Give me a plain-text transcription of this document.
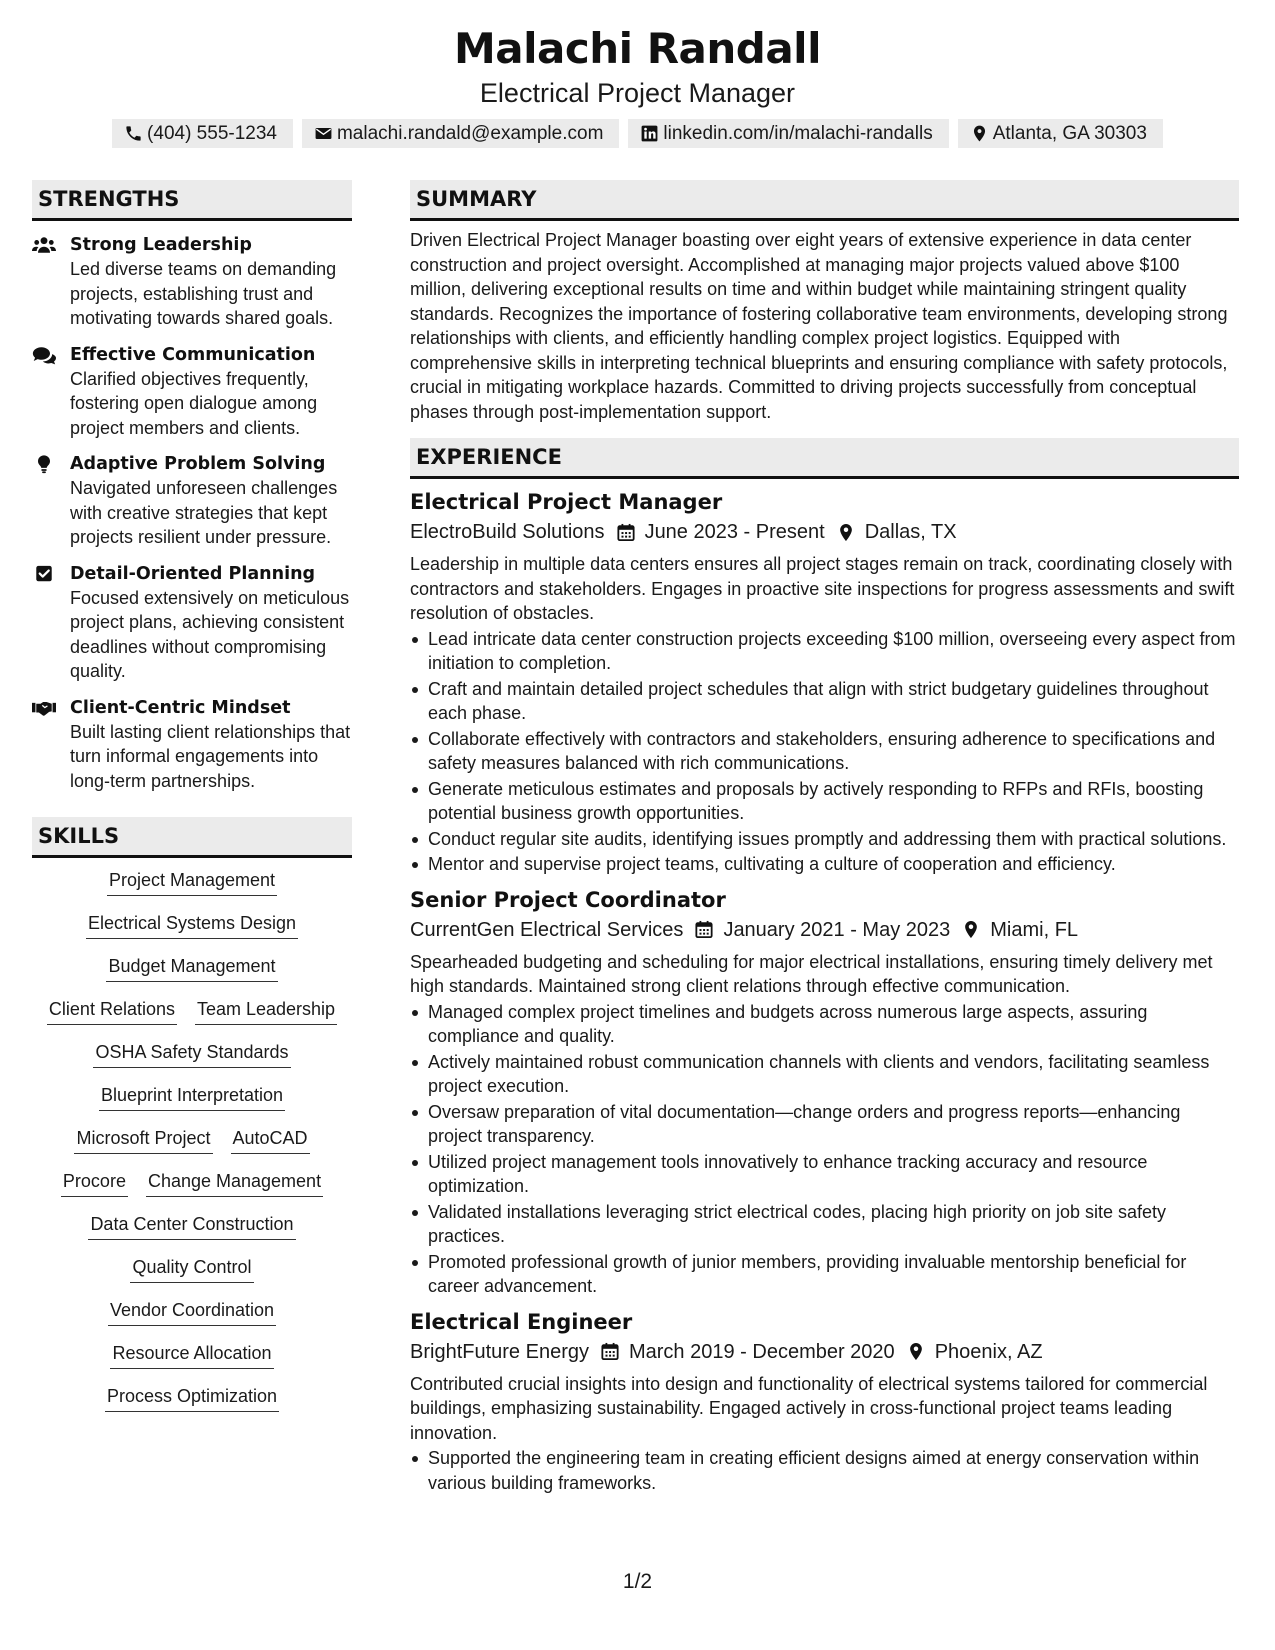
Malachi Randall
Electrical Project Manager
(404) 555-1234	malachi.randald@example.com	linkedin.com/in/malachi-randalls	Atlanta, GA 30303
STRENGTHS
Strong Leadership
Led diverse teams on demanding projects, establishing trust and motivating towards shared goals.
Effective Communication
Clarified objectives frequently, fostering open dialogue among project members and clients.
Adaptive Problem Solving
Navigated unforeseen challenges with creative strategies that kept projects resilient under pressure.
Detail-Oriented Planning
Focused extensively on meticulous project plans, achieving consistent deadlines without compromising quality.
Client-Centric Mindset
Built lasting client relationships that turn informal engagements into long-term partnerships.
SKILLS
Project Management
Electrical Systems Design
Budget Management
Client Relations Team Leadership
OSHA Safety Standards
Blueprint Interpretation
Microsoft Project AutoCAD
Procore Change Management
Data Center Construction
Quality Control
Vendor Coordination
Resource Allocation
Process Optimization
SUMMARY
Driven Electrical Project Manager boasting over eight years of extensive experience in data center construction and project oversight. Accomplished at managing major projects valued above $100 million, delivering exceptional results on time and within budget while maintaining stringent quality standards. Recognizes the importance of fostering collaborative team environments, developing strong relationships with clients, and efficiently handling complex project logistics. Equipped with comprehensive skills in interpreting technical blueprints and ensuring compliance with safety protocols, crucial in mitigating workplace hazards. Committed to driving projects successfully from conceptual phases through post-implementation support.
EXPERIENCE
Electrical Project Manager
ElectroBuild Solutions June 2023 - Present Dallas, TX
Leadership in multiple data centers ensures all project stages remain on track, coordinating closely with contractors and stakeholders. Engages in proactive site inspections for progress assessments and swift resolution of obstacles.
Lead intricate data center construction projects exceeding $100 million, overseeing every aspect from initiation to completion.
Craft and maintain detailed project schedules that align with strict budgetary guidelines throughout each phase.
Collaborate effectively with contractors and stakeholders, ensuring adherence to specifications and safety measures balanced with rich communications.
Generate meticulous estimates and proposals by actively responding to RFPs and RFIs, boosting potential business growth opportunities.
Conduct regular site audits, identifying issues promptly and addressing them with practical solutions.
Mentor and supervise project teams, cultivating a culture of cooperation and efficiency.
Senior Project Coordinator
CurrentGen Electrical Services January 2021 - May 2023 Miami, FL
Spearheaded budgeting and scheduling for major electrical installations, ensuring timely delivery met high standards. Maintained strong client relations through effective communication.
Managed complex project timelines and budgets across numerous large aspects, assuring compliance and quality.
Actively maintained robust communication channels with clients and vendors, facilitating seamless project execution.
Oversaw preparation of vital documentation—change orders and progress reports—enhancing project transparency.
Utilized project management tools innovatively to enhance tracking accuracy and resource optimization.
Validated installations leveraging strict electrical codes, placing high priority on job site safety practices.
Promoted professional growth of junior members, providing invaluable mentorship beneficial for career advancement.
Electrical Engineer
BrightFuture Energy March 2019 - December 2020 Phoenix, AZ
Contributed crucial insights into design and functionality of electrical systems tailored for commercial buildings, emphasizing sustainability. Engaged actively in cross-functional project teams leading innovation.
Supported the engineering team in creating efficient designs aimed at energy conservation within various building frameworks.
1/2
